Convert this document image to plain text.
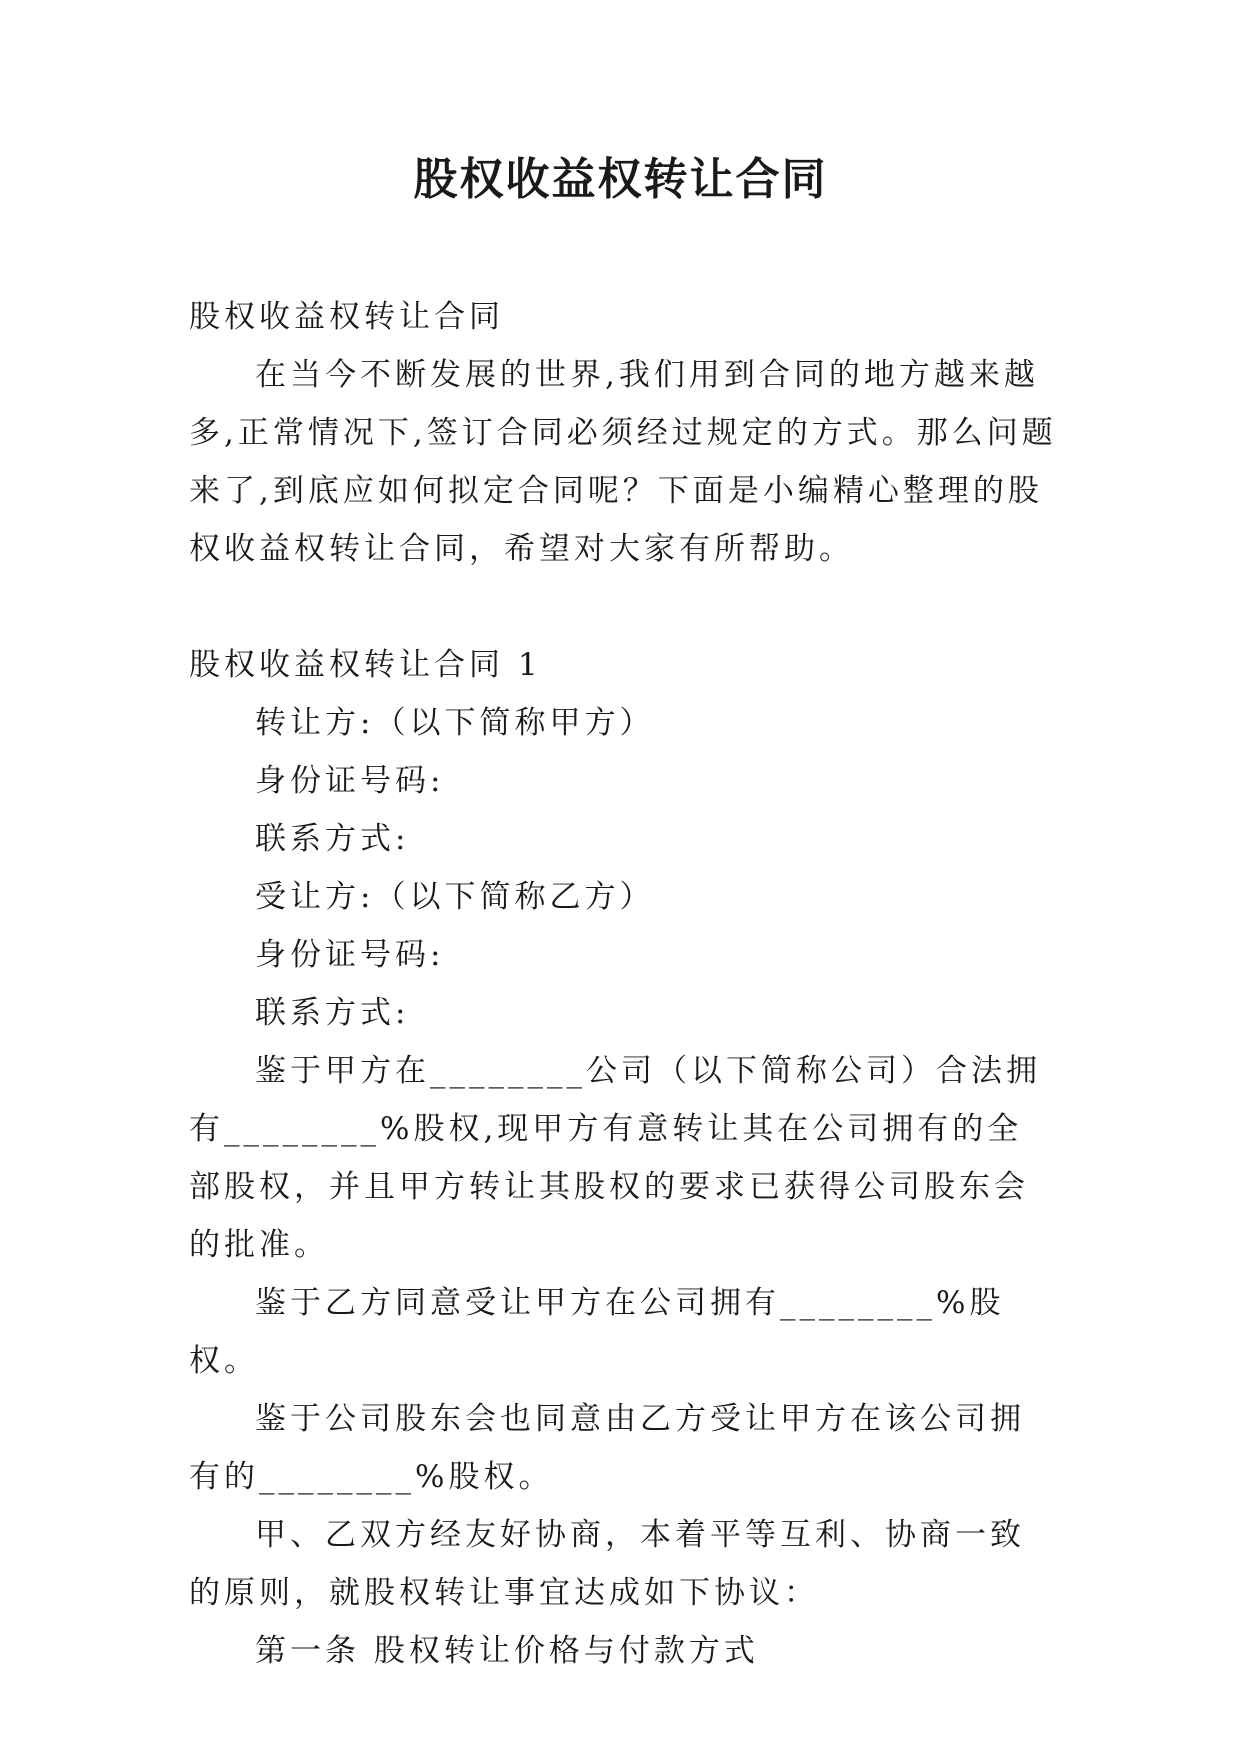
股权收益权转让合同

股权收益权转让合同

在当今不断发展的世界,我们用到合同的地方越来越多,正常情况下,签订合同必须经过规定的方式。那么问题来了,到底应如何拟定合同呢？下面是小编精心整理的股权收益权转让合同，希望对大家有所帮助。

股权收益权转让合同 1

转让方:（以下简称甲方）

身份证号码:

联系方式:

受让方:（以下简称乙方）

身份证号码:

联系方式:

鉴于甲方在________公司（以下简称公司）合法拥有________%股权,现甲方有意转让其在公司拥有的全部股权，并且甲方转让其股权的要求已获得公司股东会的批准。

鉴于乙方同意受让甲方在公司拥有________%股权。

鉴于公司股东会也同意由乙方受让甲方在该公司拥有的________%股权。

甲、乙双方经友好协商，本着平等互利、协商一致的原则，就股权转让事宜达成如下协议：

第一条 股权转让价格与付款方式
